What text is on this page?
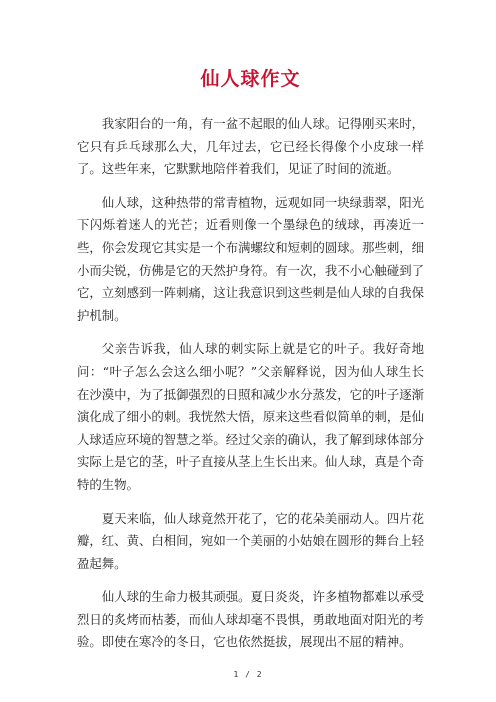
仙人球作文

我家阳台的一角，有一盆不起眼的仙人球。记得刚买来时，它只有乒乓球那么大，几年过去，它已经长得像个小皮球一样了。这些年来，它默默地陪伴着我们，见证了时间的流逝。

仙人球，这种热带的常青植物，远观如同一块绿翡翠，阳光下闪烁着迷人的光芒；近看则像一个墨绿色的绒球，再凑近一些，你会发现它其实是一个布满螺纹和短刺的圆球。那些刺，细小而尖锐，仿佛是它的天然护身符。有一次，我不小心触碰到了它，立刻感到一阵刺痛，这让我意识到这些刺是仙人球的自我保护机制。

父亲告诉我，仙人球的刺实际上就是它的叶子。我好奇地问：“叶子怎么会这么细小呢？”父亲解释说，因为仙人球生长在沙漠中，为了抵御强烈的日照和减少水分蒸发，它的叶子逐渐演化成了细小的刺。我恍然大悟，原来这些看似简单的刺，是仙人球适应环境的智慧之举。经过父亲的确认，我了解到球体部分实际上是它的茎，叶子直接从茎上生长出来。仙人球，真是个奇特的生物。

夏天来临，仙人球竟然开花了，它的花朵美丽动人。四片花瓣，红、黄、白相间，宛如一个美丽的小姑娘在圆形的舞台上轻盈起舞。

仙人球的生命力极其顽强。夏日炎炎，许多植物都难以承受烈日的炙烤而枯萎，而仙人球却毫不畏惧，勇敢地面对阳光的考验。即使在寒冷的冬日，它也依然挺拔，展现出不屈的精神。

1 / 2
